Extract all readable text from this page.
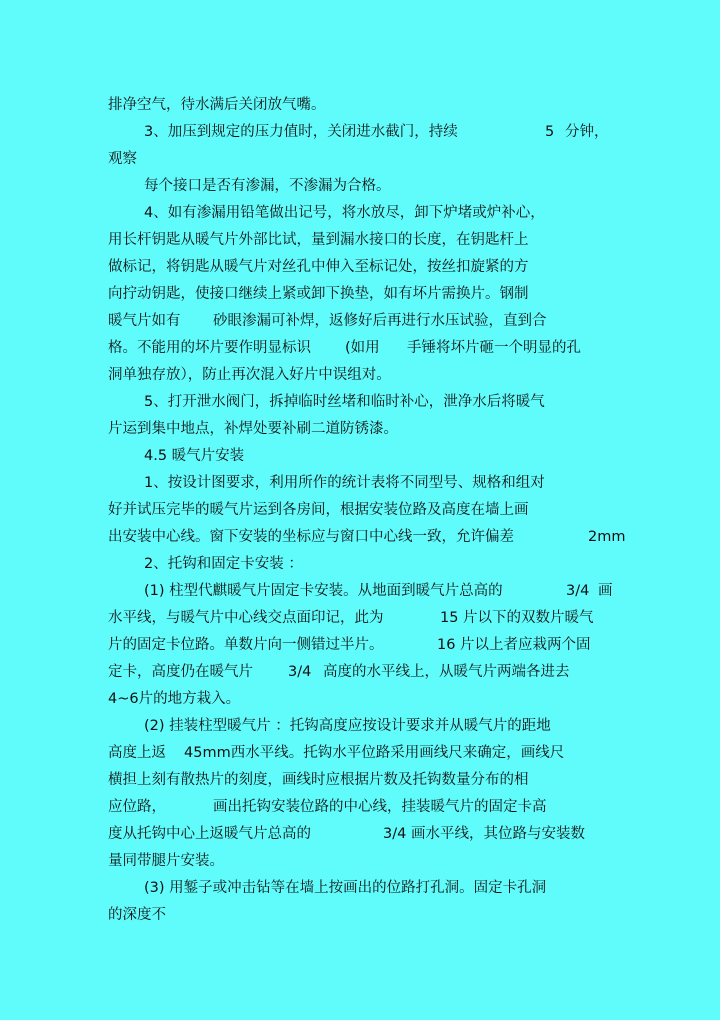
排净空气，待水满后关闭放气嘴。
3、加压到规定的压力值时，关闭进水截门，持续	5 分钟，
观察
每个接口是否有渗漏，不渗漏为合格。
4、如有渗漏用铅笔做出记号，将水放尽，卸下炉堵或炉补心，
用长杆钥匙从暖气片外部比试，量到漏水接口的长度，在钥匙杆上
做标记，将钥匙从暖气片对丝孔中伸入至标记处，按丝扣旋紧的方
向拧动钥匙，使接口继续上紧或卸下换垫，如有坏片需换片。钢制
暖气片如有 砂眼渗漏可补焊，返修好后再进行水压试验，直到合
格。不能用的坏片要作明显标识 (如用 手锤将坏片砸一个明显的孔
洞单独存放），防止再次混入好片中误组对。
5、打开泄水阀门，拆掉临时丝堵和临时补心，泄净水后将暖气
片运到集中地点，补焊处要补刷二道防锈漆。
4.5 暖气片安装
1、按设计图要求，利用所作的统计表将不同型号、规格和组对
好并试压完毕的暖气片运到各房间，根据安装位路及高度在墙上画
出安装中心线。窗下安装的坐标应与窗口中心线一致，允许偏差	2mm
2、托钩和固定卡安装 ：
(1) 柱型代麒暖气片固定卡安装。从地面到暖气片总高的	3/4 画
水平线，与暖气片中心线交点面印记，此为	15 片以下的双数片暖气
片的固定卡位路。单数片向一侧错过半片。	16 片以上者应栽两个固
定卡，高度仍在暖气片 3/4 高度的水平线上，从暖气片两端各进去
4~6片的地方栽入。
(2) 挂装柱型暖气片 ：托钩高度应按设计要求并从暖气片的距地
高度上返 45mm西水平线。托钩水平位路采用画线尺来确定，画线尺
横担上刻有散热片的刻度，画线时应根据片数及托钩数量分布的相
应位路，	画出托钩安装位路的中心线，挂装暖气片的固定卡高
度从托钩中心上返暖气片总高的	3/4 画水平线，其位路与安装数
量同带腿片安装。
(3) 用錾子或冲击钻等在墙上按画出的位路打孔洞。固定卡孔洞
的深度不
